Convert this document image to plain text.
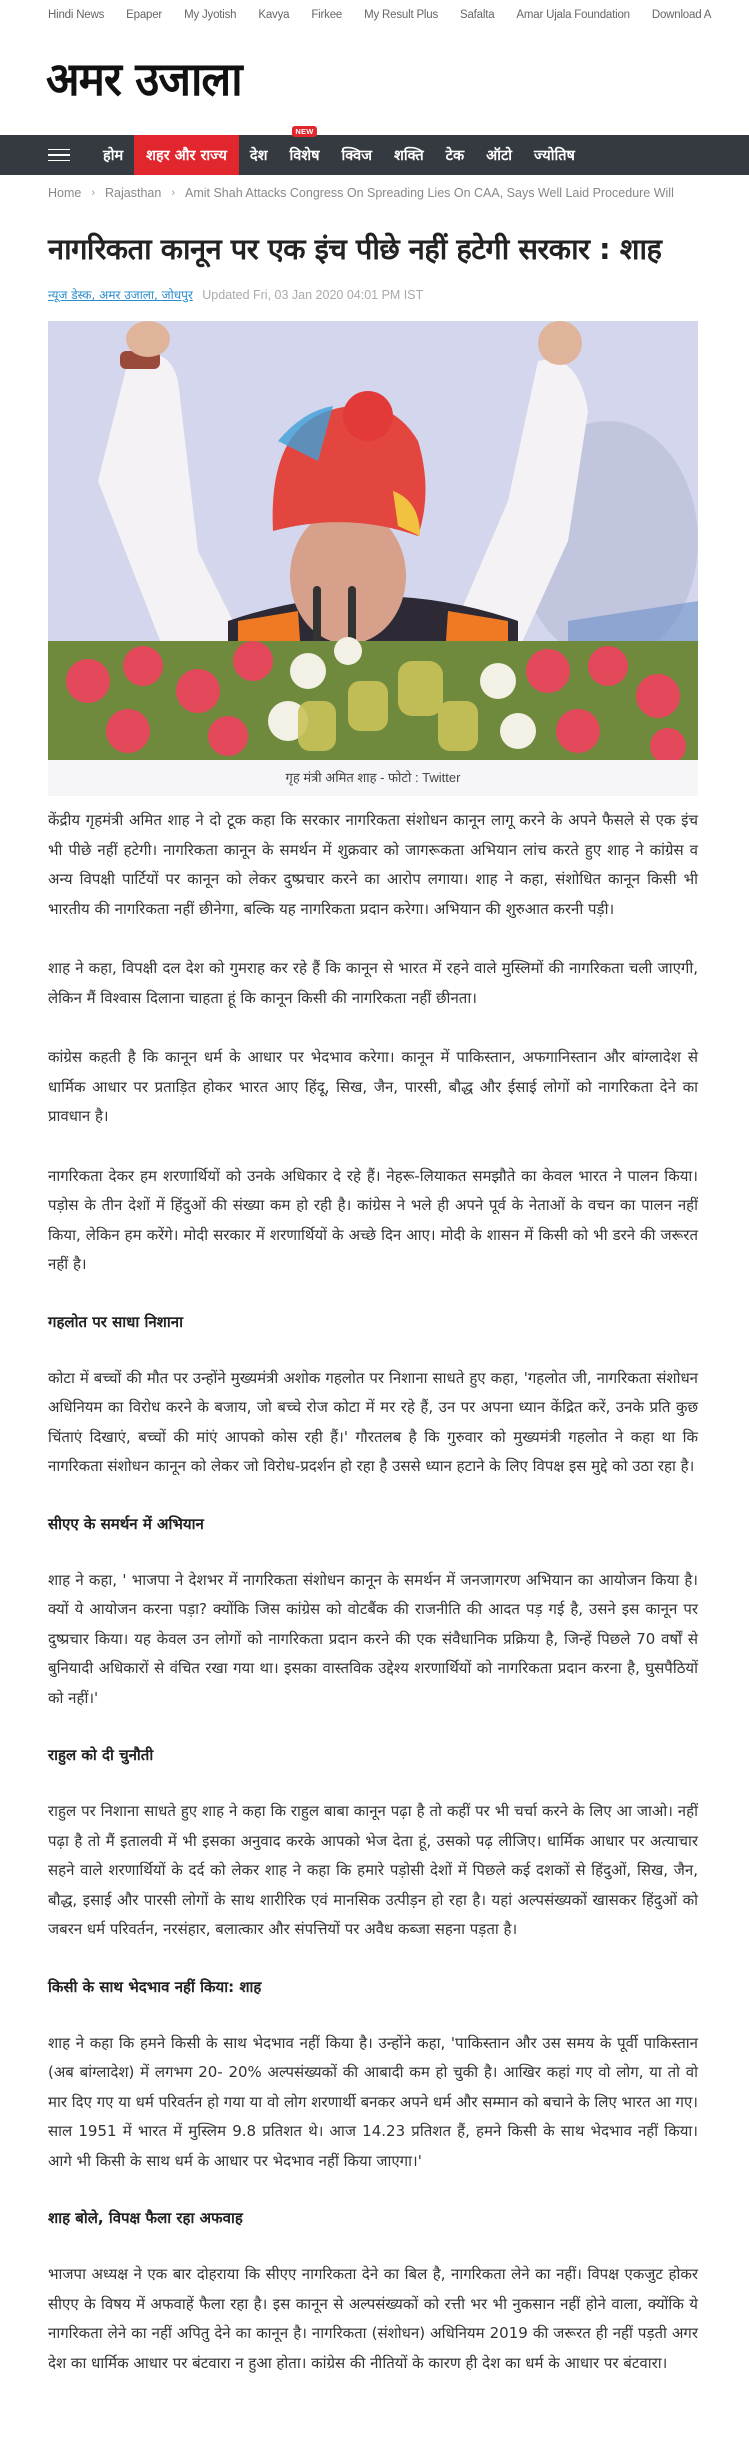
Hindi News Epaper My Jyotish Kavya Firkee My Result Plus Safalta Amar Ujala Foundation Download A
अमर उजाला
होम शहर और राज्य देश
NEW
विशेष क्विज शक्ति टेक ऑटो ज्योतिष
Home › Rajasthan › Amit Shah Attacks Congress On Spreading Lies On CAA, Says Well Laid Procedure Will
नागरिकता कानून पर एक इंच पीछे नहीं हटेगी सरकार : शाह
न्यूज डेस्क, अमर उजाला, जोधपुर Updated Fri, 03 Jan 2020 04:01 PM IST
गृह मंत्री अमित शाह - फोटो : Twitter

केंद्रीय गृहमंत्री अमित शाह ने दो टूक कहा कि सरकार नागरिकता संशोधन कानून लागू करने के अपने फैसले से एक इंच भी पीछे नहीं हटेगी। नागरिकता कानून के समर्थन में शुक्रवार को जागरूकता अभियान लांच करते हुए शाह ने कांग्रेस व अन्य विपक्षी पार्टियों पर कानून को लेकर दुष्प्रचार करने का आरोप लगाया। शाह ने कहा, संशोधित कानून किसी भी भारतीय की नागरिकता नहीं छीनेगा, बल्कि यह नागरिकता प्रदान करेगा। अभियान की शुरुआत करनी पड़ी।

शाह ने कहा, विपक्षी दल देश को गुमराह कर रहे हैं कि कानून से भारत में रहने वाले मुस्लिमों की नागरिकता चली जाएगी, लेकिन मैं विश्वास दिलाना चाहता हूं कि कानून किसी की नागरिकता नहीं छीनता।

कांग्रेस कहती है कि कानून धर्म के आधार पर भेदभाव करेगा। कानून में पाकिस्तान, अफगानिस्तान और बांग्लादेश से धार्मिक आधार पर प्रताड़ित होकर भारत आए हिंदू, सिख, जैन, पारसी, बौद्ध और ईसाई लोगों को नागरिकता देने का प्रावधान है।

नागरिकता देकर हम शरणार्थियों को उनके अधिकार दे रहे हैं। नेहरू-लियाकत समझौते का केवल भारत ने पालन किया। पड़ोस के तीन देशों में हिंदुओं की संख्या कम हो रही है। कांग्रेस ने भले ही अपने पूर्व के नेताओं के वचन का पालन नहीं किया, लेकिन हम करेंगे। मोदी सरकार में शरणार्थियों के अच्छे दिन आए। मोदी के शासन में किसी को भी डरने की जरूरत नहीं है।

गहलोत पर साधा निशाना

कोटा में बच्चों की मौत पर उन्होंने मुख्यमंत्री अशोक गहलोत पर निशाना साधते हुए कहा, 'गहलोत जी, नागरिकता संशोधन अधिनियम का विरोध करने के बजाय, जो बच्चे रोज कोटा में मर रहे हैं, उन पर अपना ध्यान केंद्रित करें, उनके प्रति कुछ चिंताएं दिखाएं, बच्चों की मांएं आपको कोस रही हैं।' गौरतलब है कि गुरुवार को मुख्यमंत्री गहलोत ने कहा था कि नागरिकता संशोधन कानून को लेकर जो विरोध-प्रदर्शन हो रहा है उससे ध्यान हटाने के लिए विपक्ष इस मुद्दे को उठा रहा है।

सीएए के समर्थन में अभियान

शाह ने कहा, ' भाजपा ने देशभर में नागरिकता संशोधन कानून के समर्थन में जनजागरण अभियान का आयोजन किया है। क्यों ये आयोजन करना पड़ा? क्योंकि जिस कांग्रेस को वोटबैंक की राजनीति की आदत पड़ गई है, उसने इस कानून पर दुष्प्रचार किया। यह केवल उन लोगों को नागरिकता प्रदान करने की एक संवैधानिक प्रक्रिया है, जिन्हें पिछले 70 वर्षों से बुनियादी अधिकारों से वंचित रखा गया था। इसका वास्तविक उद्देश्य शरणार्थियों को नागरिकता प्रदान करना है, घुसपैठियों को नहीं।'

राहुल को दी चुनौती

राहुल पर निशाना साधते हुए शाह ने कहा कि राहुल बाबा कानून पढ़ा है तो कहीं पर भी चर्चा करने के लिए आ जाओ। नहीं पढ़ा है तो मैं इतालवी में भी इसका अनुवाद करके आपको भेज देता हूं, उसको पढ़ लीजिए। धार्मिक आधार पर अत्याचार सहने वाले शरणार्थियों के दर्द को लेकर शाह ने कहा कि हमारे पड़ोसी देशों में पिछले कई दशकों से हिंदुओं, सिख, जैन, बौद्ध, इसाई और पारसी लोगों के साथ शारीरिक एवं मानसिक उत्पीड़न हो रहा है। यहां अल्पसंख्यकों खासकर हिंदुओं को जबरन धर्म परिवर्तन, नरसंहार, बलात्कार और संपत्तियों पर अवैध कब्जा सहना पड़ता है।

किसी के साथ भेदभाव नहीं किया: शाह

शाह ने कहा कि हमने किसी के साथ भेदभाव नहीं किया है। उन्होंने कहा, 'पाकिस्तान और उस समय के पूर्वी पाकिस्तान (अब बांग्लादेश) में लगभग 20- 20% अल्पसंख्यकों की आबादी कम हो चुकी है। आखिर कहां गए वो लोग, या तो वो मार दिए गए या धर्म परिवर्तन हो गया या वो लोग शरणार्थी बनकर अपने धर्म और सम्मान को बचाने के लिए भारत आ गए। साल 1951 में भारत में मुस्लिम 9.8 प्रतिशत थे। आज 14.23 प्रतिशत हैं, हमने किसी के साथ भेदभाव नहीं किया। आगे भी किसी के साथ धर्म के आधार पर भेदभाव नहीं किया जाएगा।'

शाह बोले, विपक्ष फैला रहा अफवाह

भाजपा अध्यक्ष ने एक बार दोहराया कि सीएए नागरिकता देने का बिल है, नागरिकता लेने का नहीं। विपक्ष एकजुट होकर सीएए के विषय में अफवाहें फैला रहा है। इस कानून से अल्पसंख्यकों को रत्ती भर भी नुकसान नहीं होने वाला, क्योंकि ये नागरिकता लेने का नहीं अपितु देने का कानून है। नागरिकता (संशोधन) अधिनियम 2019 की जरूरत ही नहीं पड़ती अगर देश का धार्मिक आधार पर बंटवारा न हुआ होता। कांग्रेस की नीतियों के कारण ही देश का धर्म के आधार पर बंटवारा।
